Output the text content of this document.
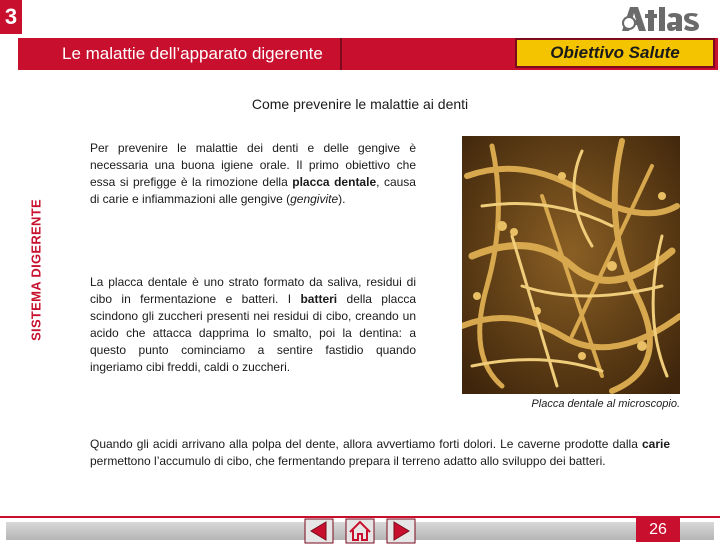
3
Le malattie dell’apparato digerente	Obiettivo Salute
SISTEMA DIGERENTE
Come prevenire le malattie ai denti
Per prevenire le malattie dei denti e delle gengive è necessaria una buona igiene orale. Il primo obiettivo che essa si prefigge è la rimozione della placca dentale, causa di carie e infiammazioni alle gengive (gengivite).
La placca dentale è uno strato formato da saliva, residui di cibo in fermentazione e batteri. I batteri della placca scindono gli zuccheri presenti nei residui di cibo, creando un acido che attacca dapprima lo smalto, poi la dentina: a questo punto cominciamo a sentire fastidio quando ingeriamo cibi freddi, caldi o zuccheri.
Placca dentale al microscopio.
Quando gli acidi arrivano alla polpa del dente, allora avvertiamo forti dolori. Le caverne prodotte dalla carie permettono l’accumulo di cibo, che fermentando prepara il terreno adatto allo sviluppo dei batteri.
26
